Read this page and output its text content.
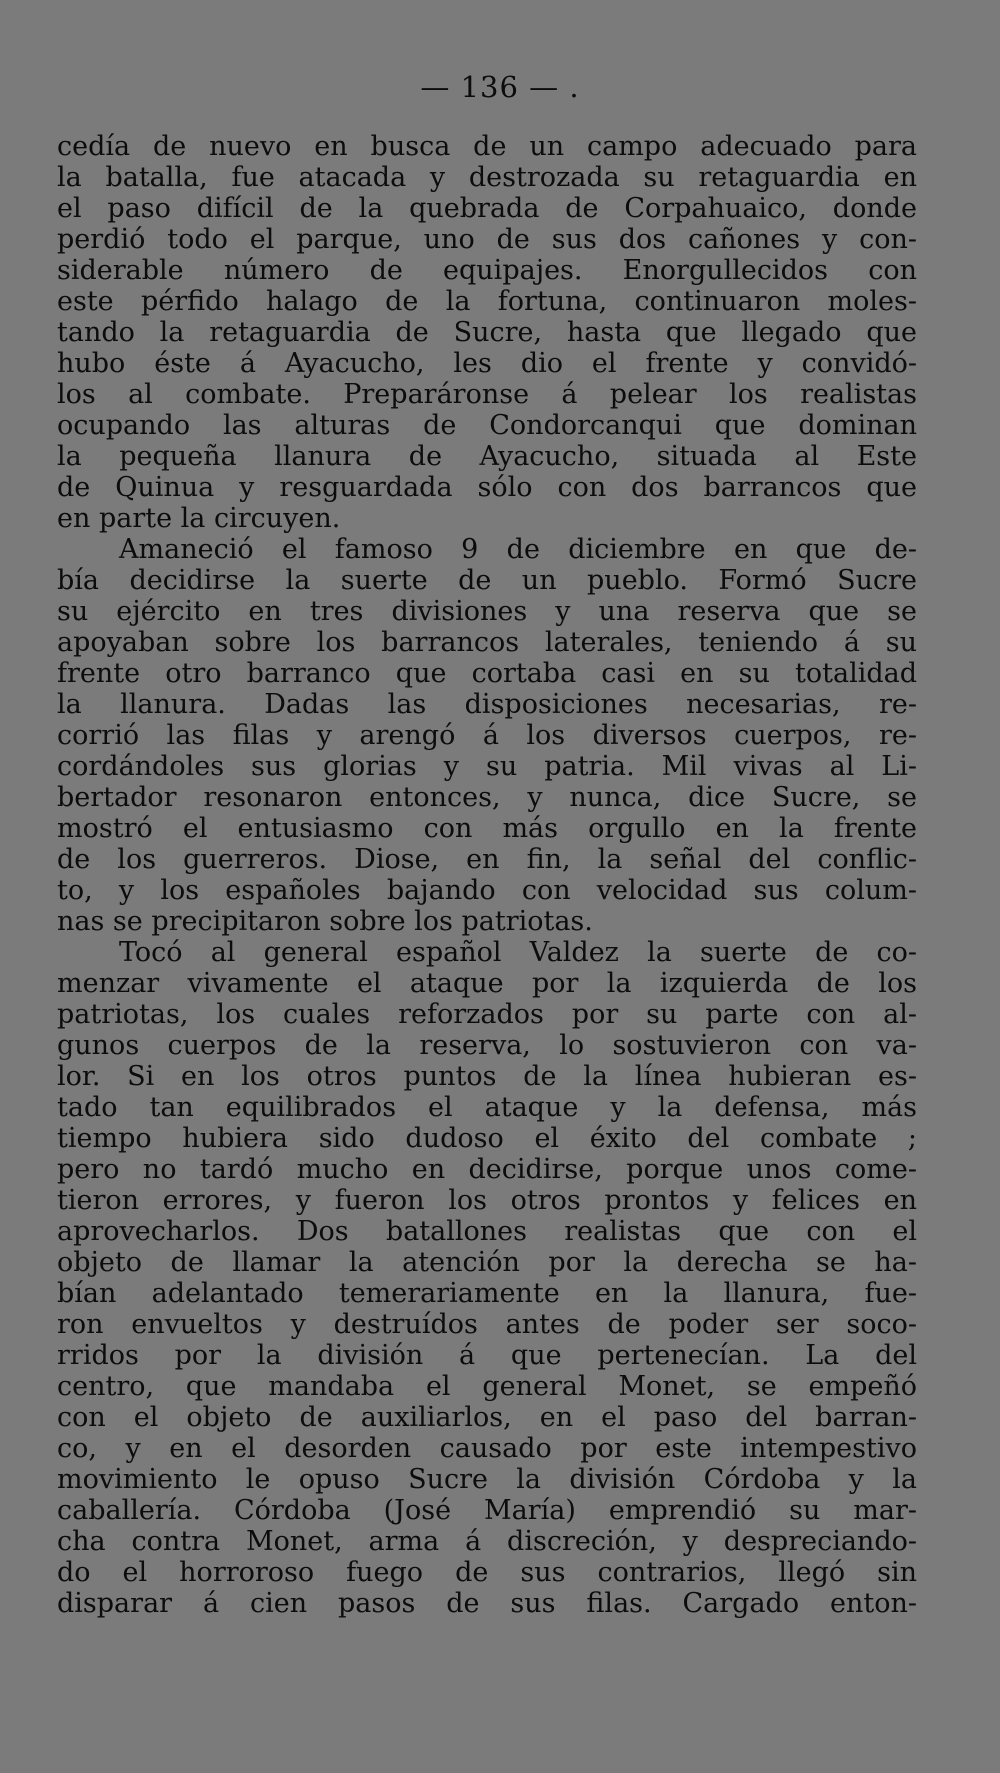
— 136 — .
cedía de nuevo en busca de un campo adecuado para
la batalla, fue atacada y destrozada su retaguardia en
el paso difícil de la quebrada de Corpahuaico, donde
perdió todo el parque, uno de sus dos cañones y con-
siderable número de equipajes. Enorgullecidos con
este pérfido halago de la fortuna, continuaron moles-
tando la retaguardia de Sucre, hasta que llegado que
hubo éste á Ayacucho, les dio el frente y convidó-
los al combate. Preparáronse á pelear los realistas
ocupando las alturas de Condorcanqui que dominan
la pequeña llanura de Ayacucho, situada al Este
de Quinua y resguardada sólo con dos barrancos que
en parte la circuyen.
Amaneció el famoso 9 de diciembre en que de-
bía decidirse la suerte de un pueblo. Formó Sucre
su ejército en tres divisiones y una reserva que se
apoyaban sobre los barrancos laterales, teniendo á su
frente otro barranco que cortaba casi en su totalidad
la llanura. Dadas las disposiciones necesarias, re-
corrió las filas y arengó á los diversos cuerpos, re-
cordándoles sus glorias y su patria. Mil vivas al Li-
bertador resonaron entonces, y nunca, dice Sucre, se
mostró el entusiasmo con más orgullo en la frente
de los guerreros. Diose, en fin, la señal del conflic-
to, y los españoles bajando con velocidad sus colum-
nas se precipitaron sobre los patriotas.
Tocó al general español Valdez la suerte de co-
menzar vivamente el ataque por la izquierda de los
patriotas, los cuales reforzados por su parte con al-
gunos cuerpos de la reserva, lo sostuvieron con va-
lor. Si en los otros puntos de la línea hubieran es-
tado tan equilibrados el ataque y la defensa, más
tiempo hubiera sido dudoso el éxito del combate ;
pero no tardó mucho en decidirse, porque unos come-
tieron errores, y fueron los otros prontos y felices en
aprovecharlos. Dos batallones realistas que con el
objeto de llamar la atención por la derecha se ha-
bían adelantado temerariamente en la llanura, fue-
ron envueltos y destruídos antes de poder ser soco-
rridos por la división á que pertenecían. La del
centro, que mandaba el general Monet, se empeñó
con el objeto de auxiliarlos, en el paso del barran-
co, y en el desorden causado por este intempestivo
movimiento le opuso Sucre la división Córdoba y la
caballería. Córdoba (José María) emprendió su mar-
cha contra Monet, arma á discreción, y despreciando-
do el horroroso fuego de sus contrarios, llegó sin
disparar á cien pasos de sus filas. Cargado enton-
